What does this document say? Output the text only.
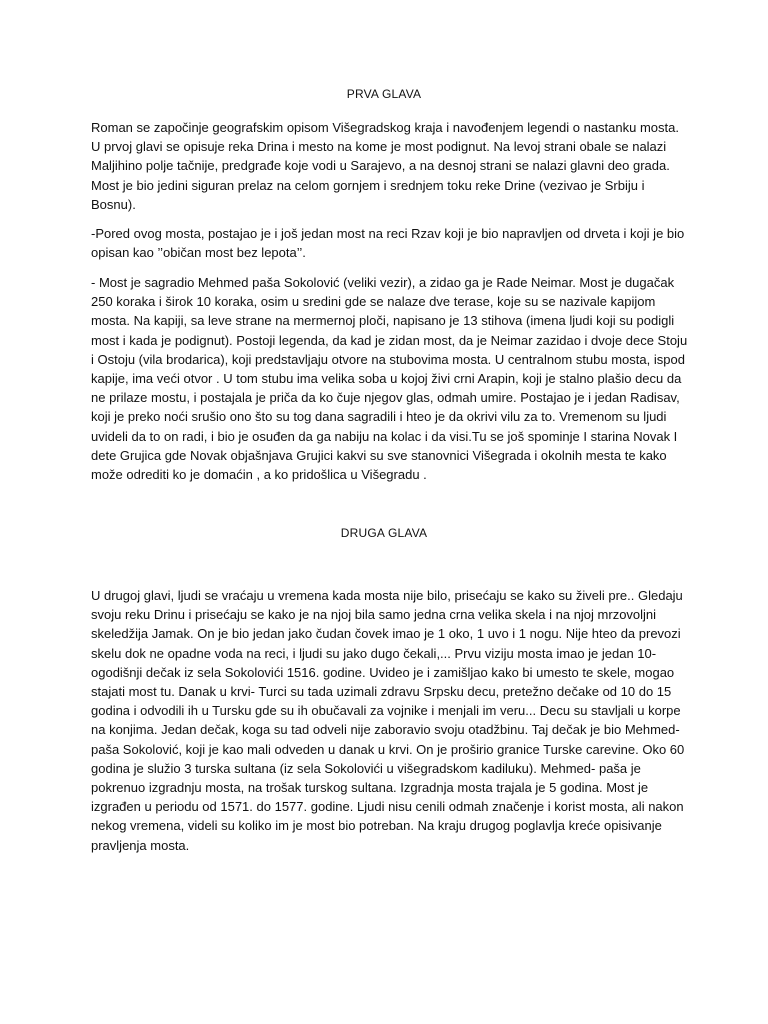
PRVA GLAVA
Roman se započinje geografskim opisom Višegradskog kraja i navođenjem legendi o nastanku mosta. U prvoj glavi se opisuje reka Drina i mesto na kome je most podignut. Na levoj strani obale se nalazi Maljihino polje tačnije, predgrađe koje vodi u Sarajevo, a na desnoj strani se nalazi glavni deo grada. Most je bio jedini siguran prelaz na celom gornjem i srednjem toku reke Drine (vezivao je Srbiju i Bosnu).
-Pored ovog mosta, postajao je i još jedan most na reci Rzav koji je bio napravljen od drveta i koji je bio opisan kao ’’običan most bez lepota’’.
- Most je sagradio Mehmed paša Sokolović (veliki vezir), a zidao ga je Rade Neimar. Most je dugačak 250 koraka i širok 10 koraka, osim u sredini gde se nalaze dve terase, koje su se nazivale kapijom mosta. Na kapiji, sa leve strane na mermernoj ploči, napisano je 13 stihova (imena ljudi koji su podigli most i kada je podignut). Postoji legenda, da kad je zidan most, da je Neimar zazidao i dvoje dece Stoju i Ostoju (vila brodarica), koji predstavljaju otvore na stubovima mosta. U centralnom stubu mosta, ispod kapije, ima veći otvor . U tom stubu ima velika soba u kojoj živi crni Arapin, koji je stalno plašio decu da ne prilaze mostu, i postajala je priča da ko čuje njegov glas, odmah umire. Postajao je i jedan Radisav, koji je preko noći srušio ono što su tog dana sagradili i hteo je da okrivi vilu za to. Vremenom su ljudi uvideli da to on radi, i bio je osuđen da ga nabiju na kolac i da visi.Tu se još spominje I starina Novak I dete Grujica gde Novak objašnjava Grujici kakvi su sve stanovnici Višegrada i okolnih mesta te kako može odrediti ko je domaćin , a ko pridošlica u Višegradu .
DRUGA GLAVA
U drugoj glavi, ljudi se vraćaju u vremena kada mosta nije bilo, prisećaju se kako su živeli pre.. Gledaju svoju reku Drinu i prisećaju se kako je na njoj bila samo jedna crna velika skela i na njoj mrzovoljni skeledžija Jamak. On je bio jedan jako čudan čovek imao je 1 oko, 1 uvo i 1 nogu. Nije hteo da prevozi skelu dok ne opadne voda na reci, i ljudi su jako dugo čekali,... Prvu viziju mosta imao je jedan 10-ogodišnji dečak iz sela Sokolovići 1516. godine. Uvideo je i zamišljao kako bi umesto te skele, mogao stajati most tu. Danak u krvi- Turci su tada uzimali zdravu Srpsku decu, pretežno dečake od 10 do 15 godina i odvodili ih u Tursku gde su ih obučavali za vojnike i menjali im veru... Decu su stavljali u korpe na konjima. Jedan dečak, koga su tad odveli nije zaboravio svoju otadžbinu. Taj dečak je bio Mehmed- paša Sokolović, koji je kao mali odveden u danak u krvi. On je proširio granice Turske carevine. Oko 60 godina je služio 3 turska sultana (iz sela Sokolovići u višegradskom kadiluku). Mehmed- paša je pokrenuo izgradnju mosta, na trošak turskog sultana. Izgradnja mosta trajala je 5 godina. Most je izgrađen u periodu od 1571. do 1577. godine. Ljudi nisu cenili odmah značenje i korist mosta, ali nakon nekog vremena, videli su koliko im je most bio potreban. Na kraju drugog poglavlja kreće opisivanje pravljenja mosta.
